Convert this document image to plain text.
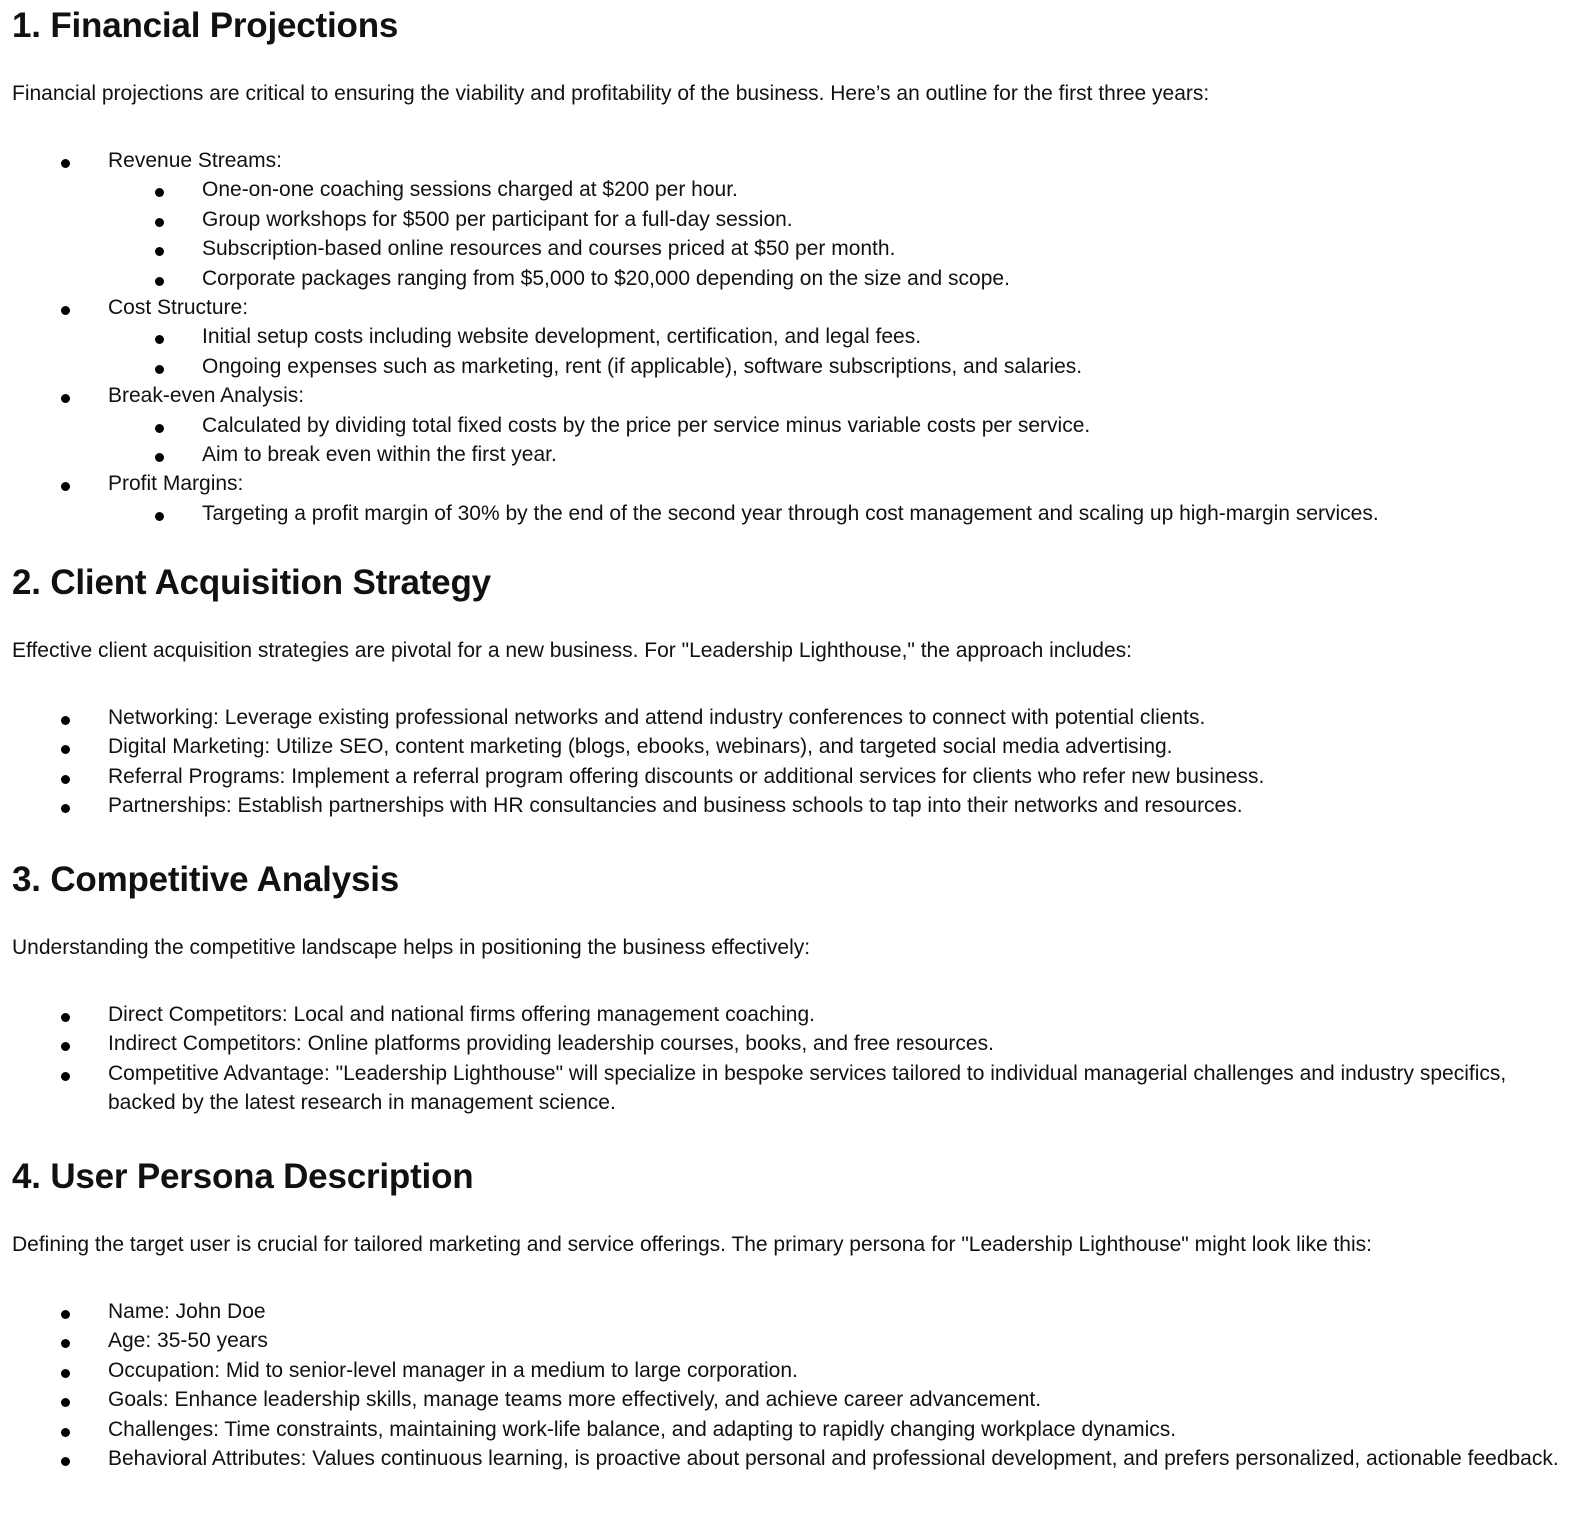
1. Financial Projections

Financial projections are critical to ensuring the viability and profitability of the business. Here’s an outline for the first three years:

Revenue Streams:
One-on-one coaching sessions charged at $200 per hour.
Group workshops for $500 per participant for a full-day session.
Subscription-based online resources and courses priced at $50 per month.
Corporate packages ranging from $5,000 to $20,000 depending on the size and scope.
Cost Structure:
Initial setup costs including website development, certification, and legal fees.
Ongoing expenses such as marketing, rent (if applicable), software subscriptions, and salaries.
Break-even Analysis:
Calculated by dividing total fixed costs by the price per service minus variable costs per service.
Aim to break even within the first year.
Profit Margins:
Targeting a profit margin of 30% by the end of the second year through cost management and scaling up high-margin services.
2. Client Acquisition Strategy

Effective client acquisition strategies are pivotal for a new business. For "Leadership Lighthouse," the approach includes:

Networking: Leverage existing professional networks and attend industry conferences to connect with potential clients.
Digital Marketing: Utilize SEO, content marketing (blogs, ebooks, webinars), and targeted social media advertising.
Referral Programs: Implement a referral program offering discounts or additional services for clients who refer new business.
Partnerships: Establish partnerships with HR consultancies and business schools to tap into their networks and resources.
3. Competitive Analysis

Understanding the competitive landscape helps in positioning the business effectively:

Direct Competitors: Local and national firms offering management coaching.
Indirect Competitors: Online platforms providing leadership courses, books, and free resources.
Competitive Advantage: "Leadership Lighthouse" will specialize in bespoke services tailored to individual managerial challenges and industry specifics, backed by the latest research in management science.
4. User Persona Description

Defining the target user is crucial for tailored marketing and service offerings. The primary persona for "Leadership Lighthouse" might look like this:

Name: John Doe
Age: 35-50 years
Occupation: Mid to senior-level manager in a medium to large corporation.
Goals: Enhance leadership skills, manage teams more effectively, and achieve career advancement.
Challenges: Time constraints, maintaining work-life balance, and adapting to rapidly changing workplace dynamics.
Behavioral Attributes: Values continuous learning, is proactive about personal and professional development, and prefers personalized, actionable feedback.
